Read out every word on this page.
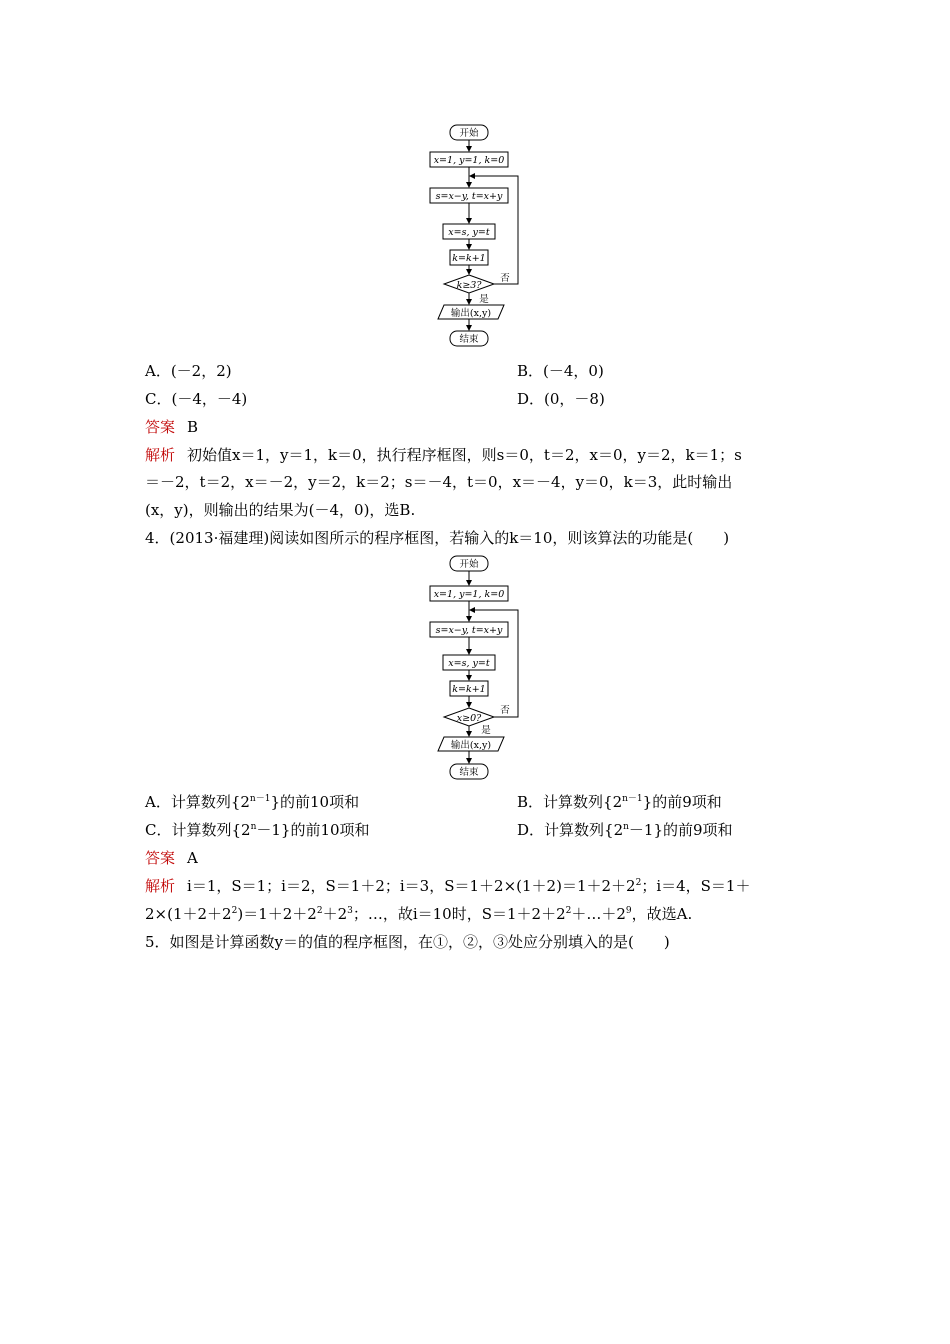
开始
x=1, y=1, k=0
s=x−y, t=x+y
x=s, y=t
k=k+1
k≥3?
否
是
输出(x,y)
结束
A．(－2，2)	B．(－4，0)
C．(－4，－4)	D．(0，－8)
答案 B
解析 初始值x＝1，y＝1，k＝0，执行程序框图，则s＝0，t＝2，x＝0，y＝2，k＝1；s
＝－2，t＝2，x＝－2，y＝2，k＝2；s＝－4，t＝0，x＝－4，y＝0，k＝3，此时输出
(x，y)，则输出的结果为(－4，0)，选B.
4．(2013·福建理)阅读如图所示的程序框图，若输入的k＝10，则该算法的功能是(　　)
开始
x=1, y=1, k=0
s=x−y, t=x+y
x=s, y=t
k=k+1
x≥0?
否
是
输出(x,y)
结束
A．计算数列$\{2^{n-1}\}$的前10项和	B．计算数列$\{2^{n-1}\}$的前9项和
C．计算数列$\{2^n-1\}$的前10项和	D．计算数列$\{2^n-1\}$的前9项和
答案 A
解析 i＝1，S＝1；i＝2，S＝1＋2；i＝3，$S=1+2\times(1+2)=1+2+2^2$；i＝4，S＝1＋
$2\times(1+2+2^2)=1+2+2^2+2^3$；…，故i＝10时，$S=1+2+2^2+\dots+2^9$，故选A.
5．如图是计算函数y＝的值的程序框图，在①，②，③处应分别填入的是(　　)
